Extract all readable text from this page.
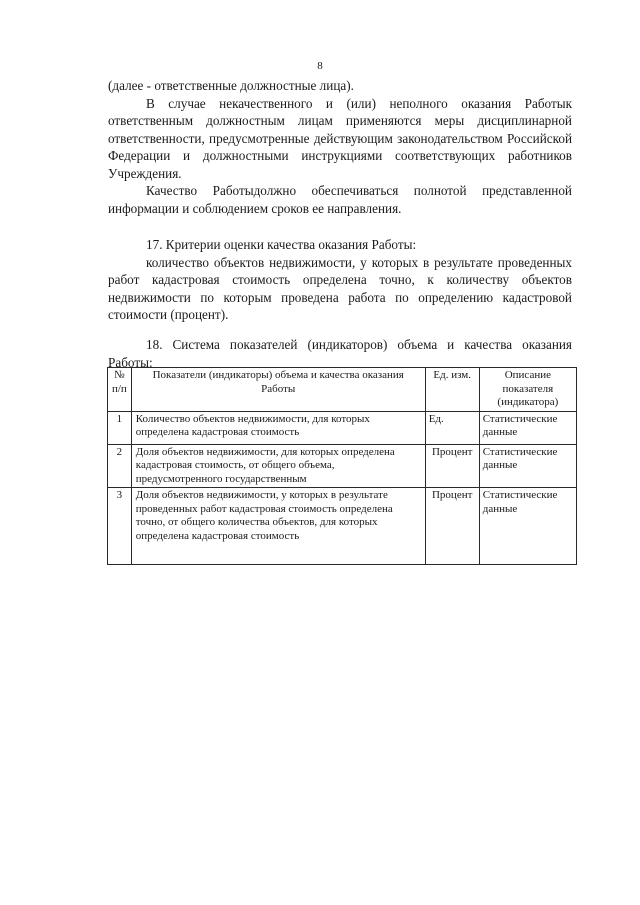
8

(далее - ответственные должностные лица).

В случае некачественного и (или) неполного оказания Работык ответственным должностным лицам применяются меры дисциплинарной ответственности, предусмотренные действующим законодательством Российской Федерации и должностными инструкциями соответствующих работников Учреждения.

Качество Работыдолжно обеспечиваться полнотой представленной информации и соблюдением сроков ее направления.

17. Критерии оценки качества оказания Работы:

количество объектов недвижимости, у которых в результате проведенных работ кадастровая стоимость определена точно, к количеству объектов недвижимости по которым проведена работа по определению кадастровой стоимости (процент).

18. Система показателей (индикаторов) объема и качества оказания Работы:

№ п/п	Показатели (индикаторы) объема и качества оказания Работы	Ед. изм.	Описание показателя (индикатора)
1	Количество объектов недвижимости, для которых определена кадастровая стоимость	Ед.	Статистические данные
2	Доля объектов недвижимости, для которых определена кадастровая стоимость, от общего объема, предусмотренного государственным	Процент	Статистические данные
3	Доля объектов недвижимости, у которых в результате проведенных работ кадастровая стоимость определена точно, от общего количества объектов, для которых определена кадастровая стоимость	Процент	Статистические данные
